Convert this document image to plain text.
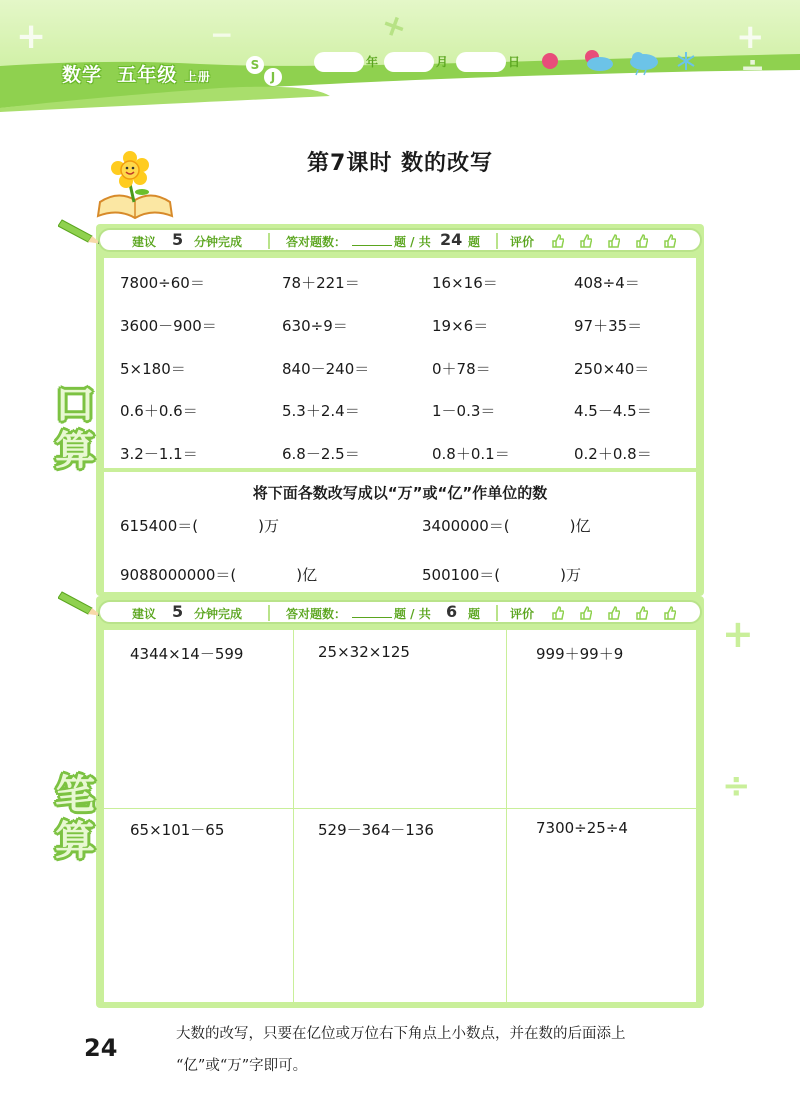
+	−	+	+
÷
数学 五年级 上册
S
J
年	月	日
第7课时 数的改写
建议 5 分钟完成	答对题数：	题 / 共 24 题 评价
口
算
7800÷60＝	78＋221＝	16×16＝	408÷4＝
3600－900＝	630÷9＝	19×6＝	97＋35＝
5×180＝	840－240＝	0＋78＝	250×40＝
0.6＋0.6＝	5.3＋2.4＝	1－0.3＝	4.5－4.5＝
3.2－1.1＝	6.8－2.5＝	0.8＋0.1＝	0.2＋0.8＝
将下面各数改写成以“万”或“亿”作单位的数
615400＝(　　　　)万	3400000＝(　　　　)亿
9088000000＝(　　　　)亿	500100＝(　　　　)万
建议 5 分钟完成	答对题数：	题 / 共 6 题 评价
笔
算
4344×14－599	25×32×125	999＋99＋9
65×101－65	529－364－136	7300÷25÷4
+
÷
24	大数的改写，只要在亿位或万位右下角点上小数点，并在数的后面添上
“亿”或“万”字即可。
